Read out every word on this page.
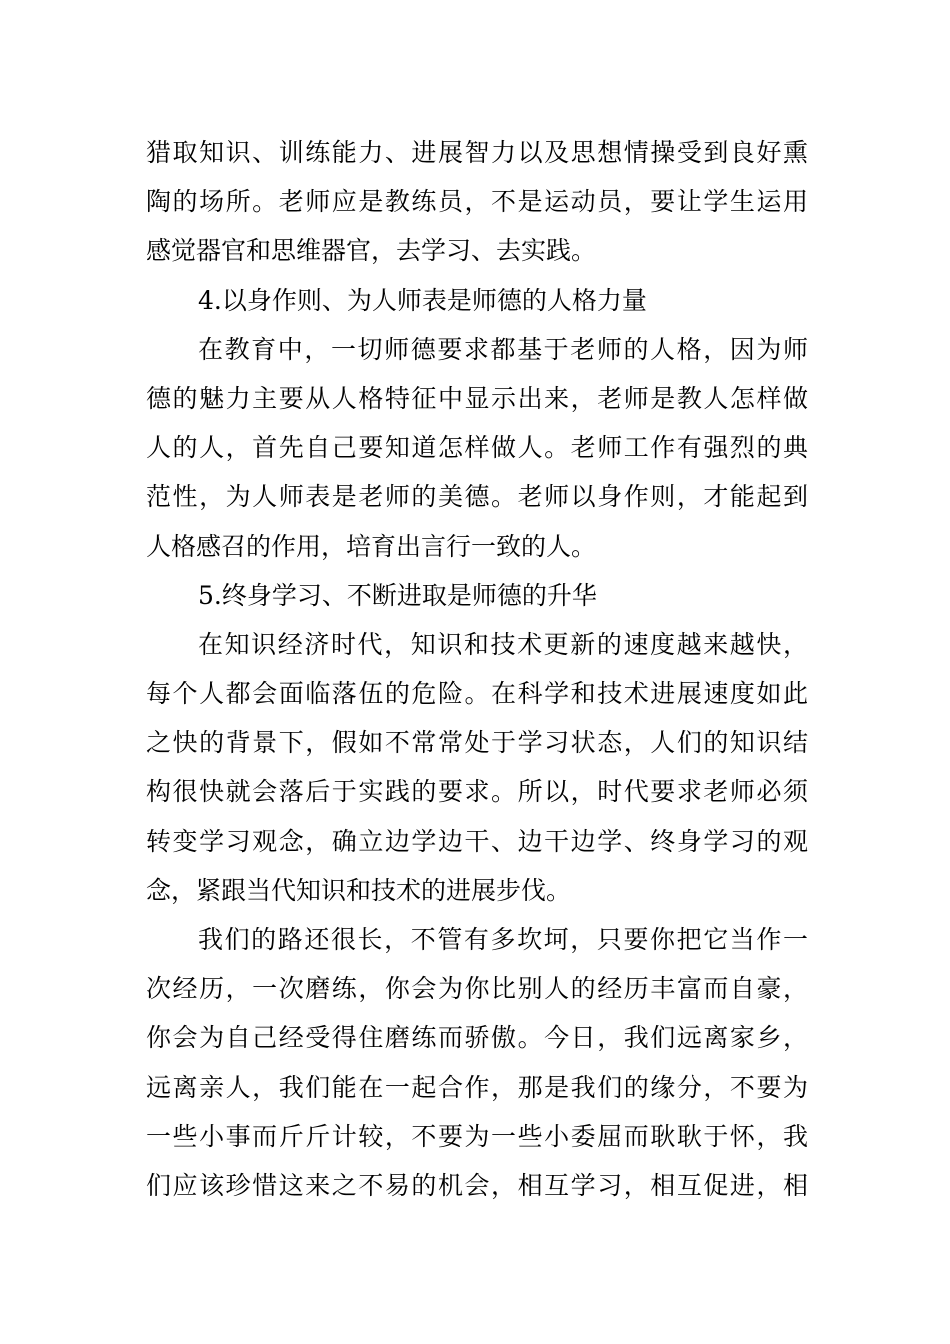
猎取知识、训练能力、进展智力以及思想情操受到良好熏
陶的场所。老师应是教练员，不是运动员，要让学生运用
感觉器官和思维器官，去学习、去实践。
4.以身作则、为人师表是师德的人格力量
在教育中，一切师德要求都基于老师的人格，因为师
德的魅力主要从人格特征中显示出来，老师是教人怎样做
人的人，首先自己要知道怎样做人。老师工作有强烈的典
范性，为人师表是老师的美德。老师以身作则，才能起到
人格感召的作用，培育出言行一致的人。
5.终身学习、不断进取是师德的升华
在知识经济时代，知识和技术更新的速度越来越快，
每个人都会面临落伍的危险。在科学和技术进展速度如此
之快的背景下，假如不常常处于学习状态，人们的知识结
构很快就会落后于实践的要求。所以，时代要求老师必须
转变学习观念，确立边学边干、边干边学、终身学习的观
念，紧跟当代知识和技术的进展步伐。
我们的路还很长，不管有多坎坷，只要你把它当作一
次经历，一次磨练，你会为你比别人的经历丰富而自豪，
你会为自己经受得住磨练而骄傲。今日，我们远离家乡，
远离亲人，我们能在一起合作，那是我们的缘分，不要为
一些小事而斤斤计较，不要为一些小委屈而耿耿于怀，我
们应该珍惜这来之不易的机会，相互学习，相互促进，相
